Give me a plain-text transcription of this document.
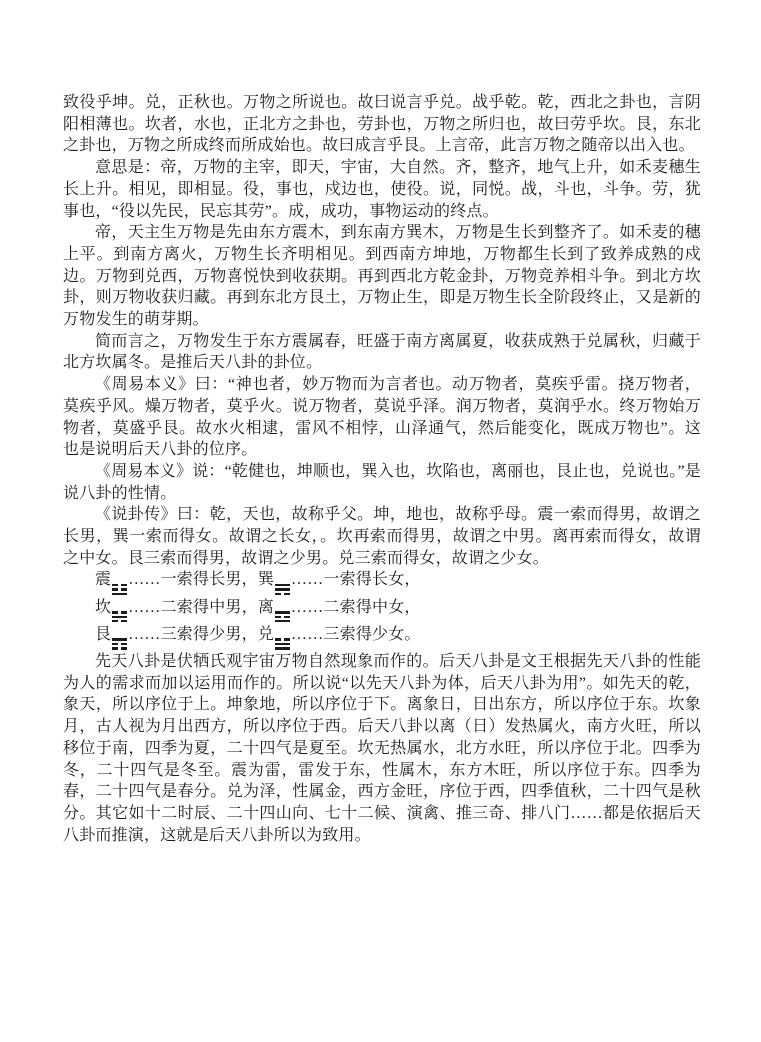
致役乎坤。兑，正秋也。万物之所说也。故曰说言乎兑。战乎乾。乾，西北之卦也，言阴阳相薄也。坎者，水也，正北方之卦也，劳卦也，万物之所归也，故曰劳乎坎。艮，东北之卦也，万物之所成终而所成始也。故曰成言乎艮。上言帝，此言万物之随帝以出入也。

意思是：帝，万物的主宰，即天，宇宙，大自然。齐，整齐，地气上升，如禾麦穗生长上升。相见，即相显。役，事也，戍边也，使役。说，同悦。战，斗也，斗争。劳，犹事也，“役以先民，民忘其劳”。成，成功，事物运动的终点。

帝，天主生万物是先由东方震木，到东南方巽木，万物是生长到整齐了。如禾麦的穗上平。到南方离火，万物生长齐明相见。到西南方坤地，万物都生长到了致养成熟的戍边。万物到兑西，万物喜悦快到收获期。再到西北方乾金卦，万物竞养相斗争。到北方坎卦，则万物收获归藏。再到东北方艮土，万物止生，即是万物生长全阶段终止，又是新的万物发生的萌芽期。

简而言之，万物发生于东方震属春，旺盛于南方离属夏，收获成熟于兑属秋，归藏于北方坎属冬。是推后天八卦的卦位。

《周易本义》曰：“神也者，妙万物而为言者也。动万物者，莫疾乎雷。挠万物者，莫疾乎风。燥万物者，莫乎火。说万物者，莫说乎泽。润万物者，莫润乎水。终万物始万物者，莫盛乎艮。故水火相逮，雷风不相悖，山泽通气，然后能变化，既成万物也”。这也是说明后天八卦的位序。

《周易本义》说：“乾健也，坤顺也，巽入也，坎陷也，离丽也，艮止也，兑说也。”是说八卦的性情。

《说卦传》曰：乾，天也，故称乎父。坤，地也，故称乎母。震一索而得男，故谓之长男，巽一索而得女。故谓之长女，。坎再索而得男，故谓之中男。离再索而得女，故谓之中女。艮三索而得男，故谓之少男。兑三索而得女，故谓之少女。

震 ……一索得长男，巽 ……一索得长女，

坎 ……二索得中男，离 ……二索得中女，

艮 ……三索得少男，兑 ……三索得少女。

先天八卦是伏牺氏观宇宙万物自然现象而作的。后天八卦是文王根据先天八卦的性能为人的需求而加以运用而作的。所以说“以先天八卦为体，后天八卦为用”。如先天的乾，象天，所以序位于上。坤象地，所以序位于下。离象日，日出东方，所以序位于东。坎象月，古人视为月出西方，所以序位于西。后天八卦以离（日）发热属火，南方火旺，所以移位于南，四季为夏，二十四气是夏至。坎无热属水，北方水旺，所以序位于北。四季为冬，二十四气是冬至。震为雷，雷发于东，性属木，东方木旺，所以序位于东。四季为春，二十四气是春分。兑为泽，性属金，西方金旺，序位于西，四季值秋，二十四气是秋分。其它如十二时辰、二十四山向、七十二候、演禽、推三奇、排八门……都是依据后天八卦而推演，这就是后天八卦所以为致用。
